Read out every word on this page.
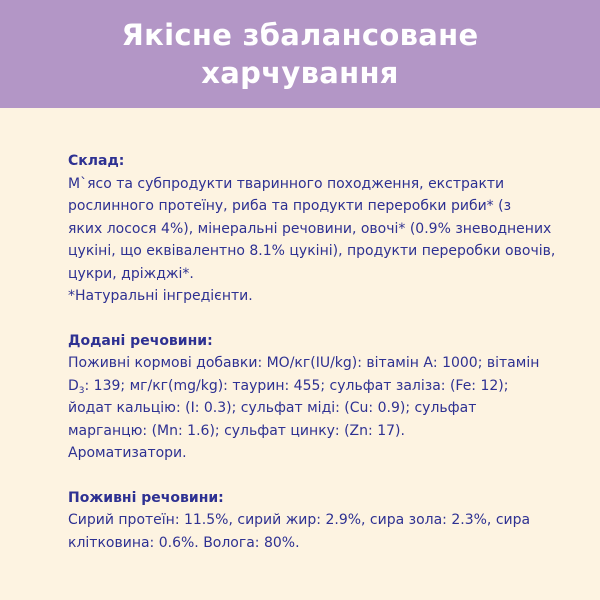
Якісне збалансоване
харчування
Склад:
М`ясо та субпродукти тваринного походження, екстракти
рослинного протеїну, риба та продукти переробки риби* (з
яких лосося 4%), мінеральні речовини, овочі* (0.9% зневоднених
цукіні, що еквівалентно 8.1% цукіні), продукти переробки овочів,
цукри, дріжджі*.
*Натуральні інгредієнти.
Додані речовини:
Поживні кормові добавки: МО/кг(IU/kg): вітамін А: 1000; вітамін
$D_3$: 139; мг/кг(mg/kg): таурин: 455; сульфат заліза: (Fe: 12);
йодат кальцію: (I: 0.3); сульфат міді: (Cu: 0.9); сульфат
марганцю: (Mn: 1.6); сульфат цинку: (Zn: 17).
Ароматизатори.
Поживні речовини:
Сирий протеїн: 11.5%, сирий жир: 2.9%, сира зола: 2.3%, сира
клітковина: 0.6%. Волога: 80%.
